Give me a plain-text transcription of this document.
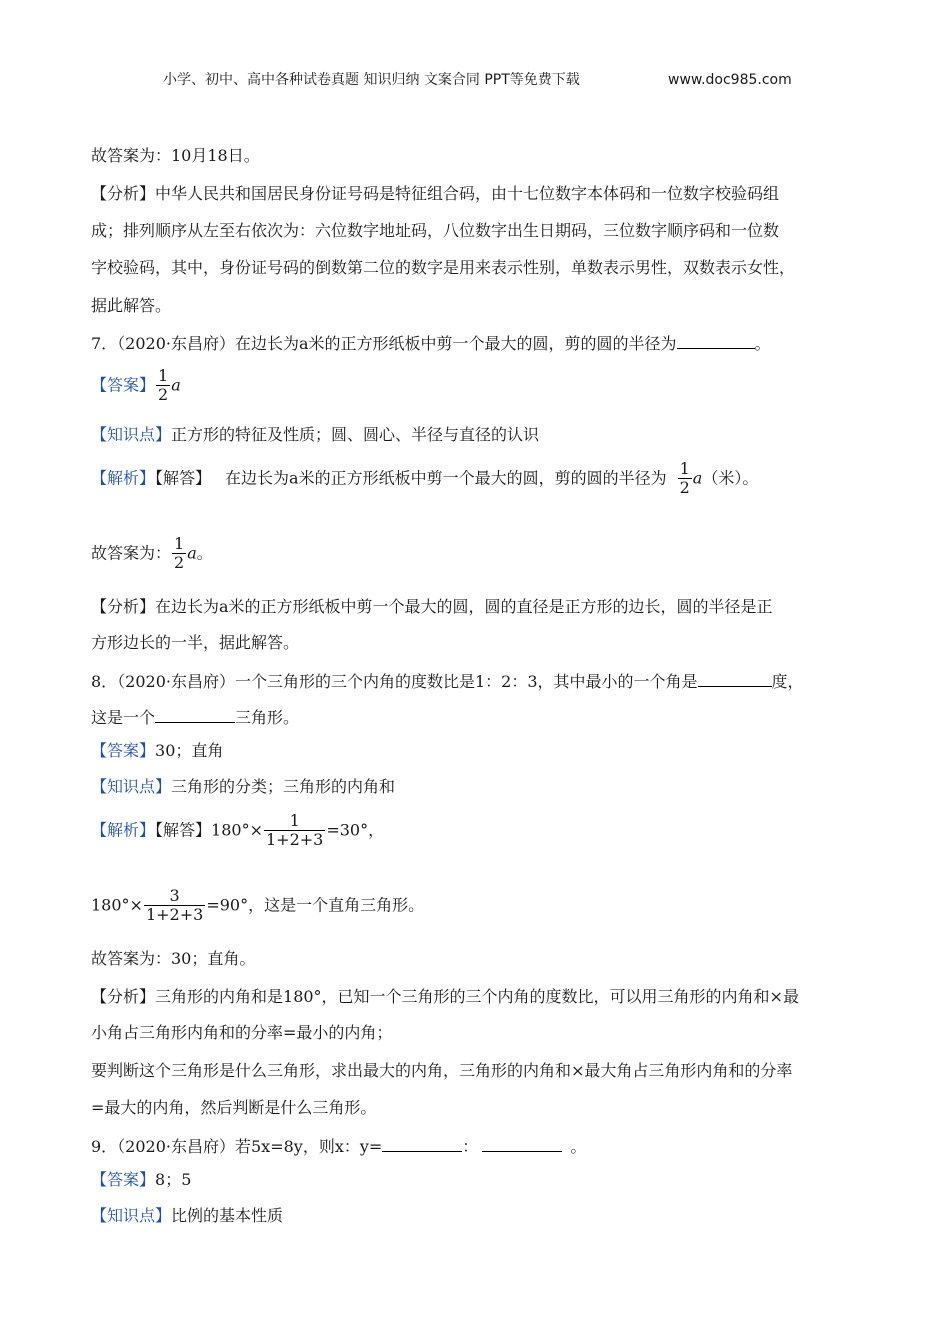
小学、初中、高中各种试卷真题 知识归纳 文案合同 PPT等免费下载	www.doc985.com
故答案为：10月18日。
【分析】中华人民共和国居民身份证号码是特征组合码，由十七位数字本体码和一位数字校验码组
成；排列顺序从左至右依次为：六位数字地址码，八位数字出生日期码，三位数字顺序码和一位数
字校验码，其中，身份证号码的倒数第二位的数字是用来表示性别，单数表示男性，双数表示女性，
据此解答。
7．（2020·东昌府）在边长为a米的正方形纸板中剪一个最大的圆，剪的圆的半径为	。
【答案】 $\frac{1}{2}$ a
【知识点】正方形的特征及性质；圆、圆心、半径与直径的认识
【解析】【解答】 在边长为a米的正方形纸板中剪一个最大的圆，剪的圆的半径为 $\frac{1}{2} a$（米）。
故答案为： $\frac{1}{2}$ a。
【分析】在边长为a米的正方形纸板中剪一个最大的圆，圆的直径是正方形的边长，圆的半径是正
方形边长的一半，据此解答。
8．（2020·东昌府）一个三角形的三个内角的度数比是1：2：3，其中最小的一个角是	度，
这是一个	三角形。
【答案】30；直角
【知识点】三角形的分类；三角形的内角和
【解析】【解答】$180^\circ\times \frac{1}{1+2+3} =30^\circ$，
$180^\circ\times \frac{3}{1+2+3} =90^\circ$，这是一个直角三角形。
故答案为：30；直角。
【分析】三角形的内角和是180°，已知一个三角形的三个内角的度数比，可以用三角形的内角和×最
小角占三角形内角和的分率=最小的内角；
要判断这个三角形是什么三角形，求出最大的内角，三角形的内角和×最大角占三角形内角和的分率
=最大的内角，然后判断是什么三角形。
9．（2020·东昌府）若5x=8y，则x：y=	：	。
【答案】8；5
【知识点】比例的基本性质
